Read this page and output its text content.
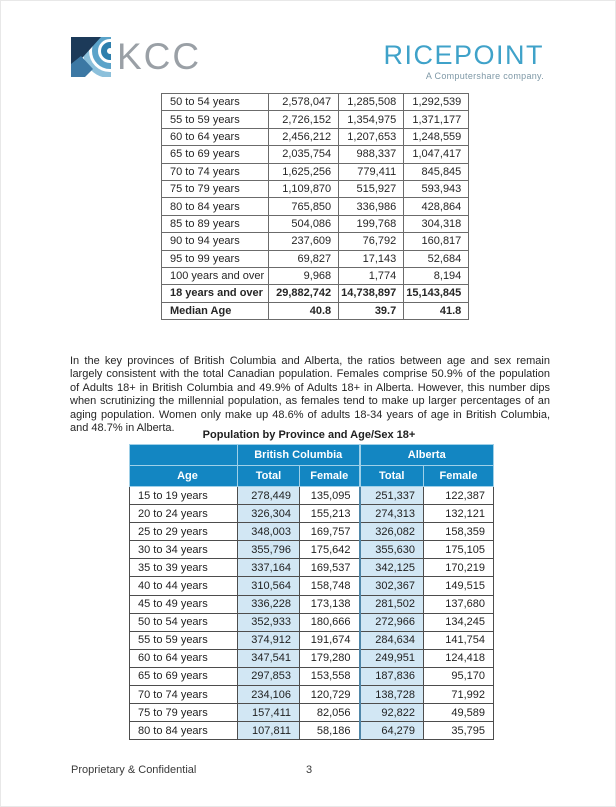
KCC	RICEPOINT
A Computershare company.
50 to 54 years	2,578,047	1,285,508	1,292,539
55 to 59 years	2,726,152	1,354,975	1,371,177
60 to 64 years	2,456,212	1,207,653	1,248,559
65 to 69 years	2,035,754	988,337	1,047,417
70 to 74 years	1,625,256	779,411	845,845
75 to 79 years	1,109,870	515,927	593,943
80 to 84 years	765,850	336,986	428,864
85 to 89 years	504,086	199,768	304,318
90 to 94 years	237,609	76,792	160,817
95 to 99 years	69,827	17,143	52,684
100 years and over	9,968	1,774	8,194
18 years and over	29,882,742	14,738,897	15,143,845
Median Age	40.8	39.7	41.8

In the key provinces of British Columbia and Alberta, the ratios between age and sex remain largely consistent with the total Canadian population. Females comprise 50.9% of the population of Adults 18+ in British Columbia and 49.9% of Adults 18+ in Alberta. However, this number dips when scrutinizing the millennial population, as females tend to make up larger percentages of an aging population. Women only make up 48.6% of adults 18-34 years of age in British Columbia, and 48.7% in Alberta.

Population by Province and Age/Sex 18+
	British Columbia		Alberta	
Age	Total	Female	Total	Female
15 to 19 years	278,449	135,095	251,337	122,387
20 to 24 years	326,304	155,213	274,313	132,121
25 to 29 years	348,003	169,757	326,082	158,359
30 to 34 years	355,796	175,642	355,630	175,105
35 to 39 years	337,164	169,537	342,125	170,219
40 to 44 years	310,564	158,748	302,367	149,515
45 to 49 years	336,228	173,138	281,502	137,680
50 to 54 years	352,933	180,666	272,966	134,245
55 to 59 years	374,912	191,674	284,634	141,754
60 to 64 years	347,541	179,280	249,951	124,418
65 to 69 years	297,853	153,558	187,836	95,170
70 to 74 years	234,106	120,729	138,728	71,992
75 to 79 years	157,411	82,056	92,822	49,589
80 to 84 years	107,811	58,186	64,279	35,795
Proprietary & Confidential	3
